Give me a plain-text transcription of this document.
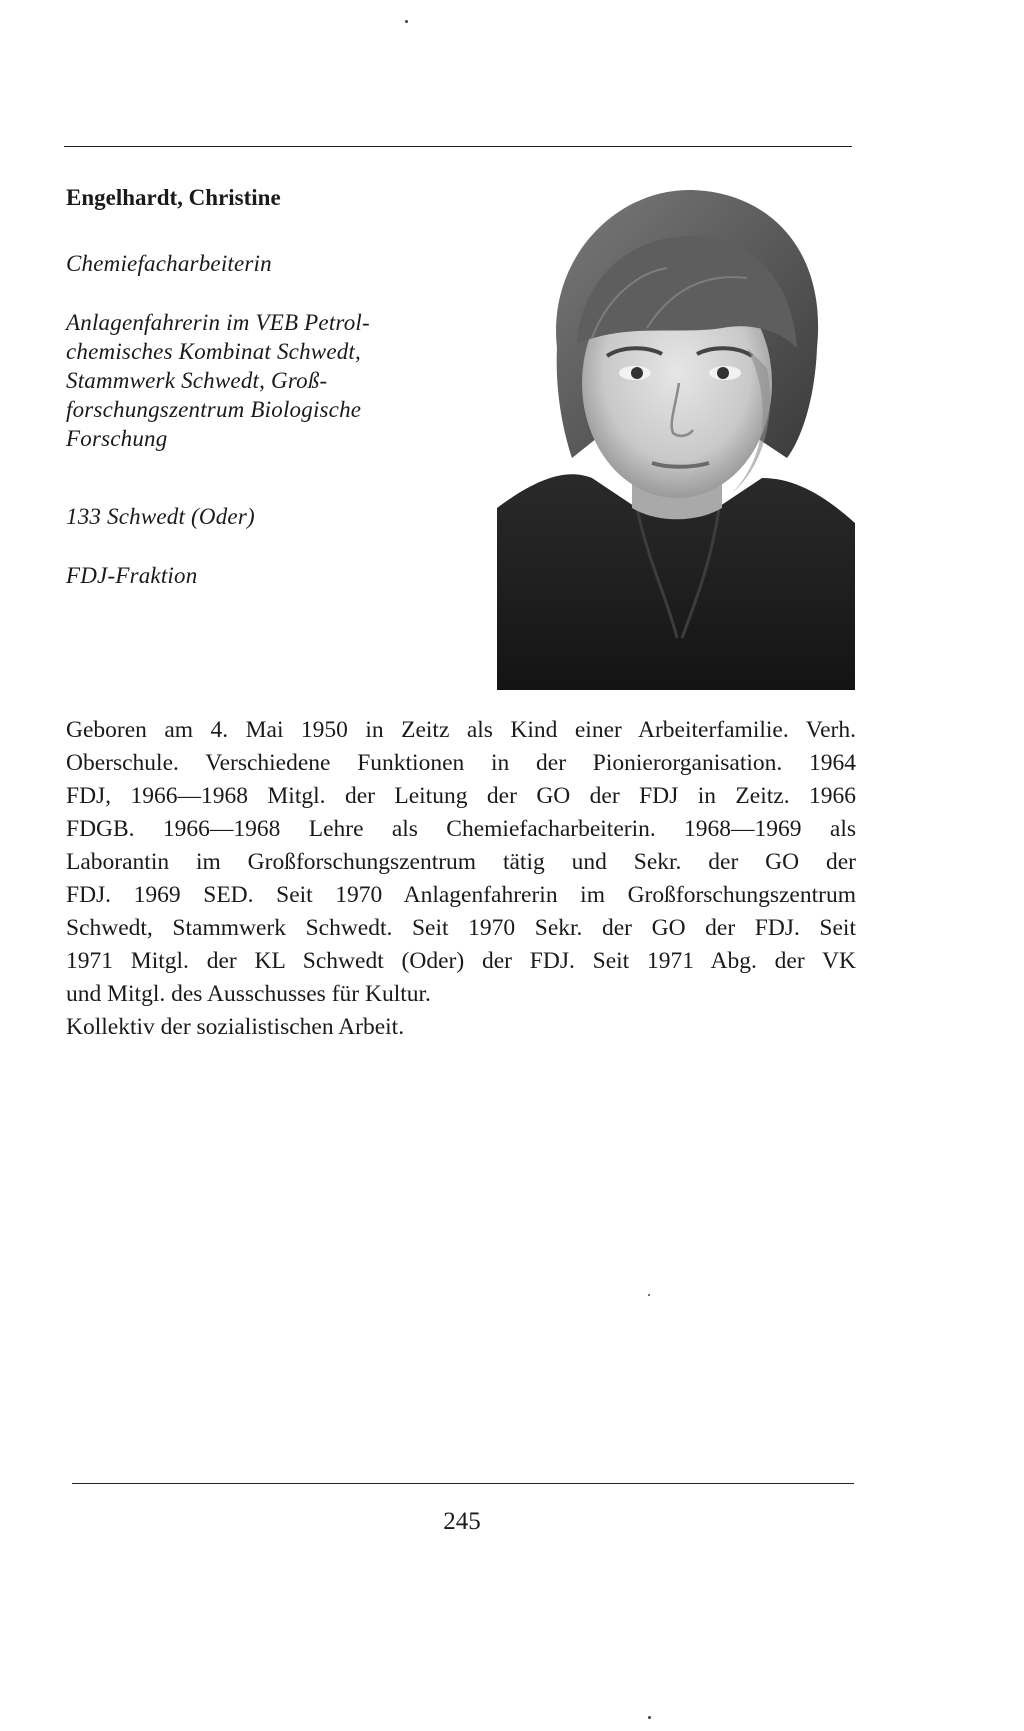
Engelhardt, Christine

Chemiefacharbeiterin

Anlagenfahrerin im VEB Petrol-
chemisches Kombinat Schwedt,
Stammwerk Schwedt, Groß-
forschungszentrum Biologische
Forschung

133 Schwedt (Oder)

FDJ-Fraktion

Geboren am 4. Mai 1950 in Zeitz als Kind einer Arbeiterfamilie. Verh.
Oberschule. Verschiedene Funktionen in der Pionierorganisation. 1964
FDJ, 1966—1968 Mitgl. der Leitung der GO der FDJ in Zeitz. 1966
FDGB. 1966—1968 Lehre als Chemiefacharbeiterin. 1968—1969 als
Laborantin im Großforschungszentrum tätig und Sekr. der GO der
FDJ. 1969 SED. Seit 1970 Anlagenfahrerin im Großforschungszentrum
Schwedt, Stammwerk Schwedt. Seit 1970 Sekr. der GO der FDJ. Seit
1971 Mitgl. der KL Schwedt (Oder) der FDJ. Seit 1971 Abg. der VK
und Mitgl. des Ausschusses für Kultur.
Kollektiv der sozialistischen Arbeit.

245
